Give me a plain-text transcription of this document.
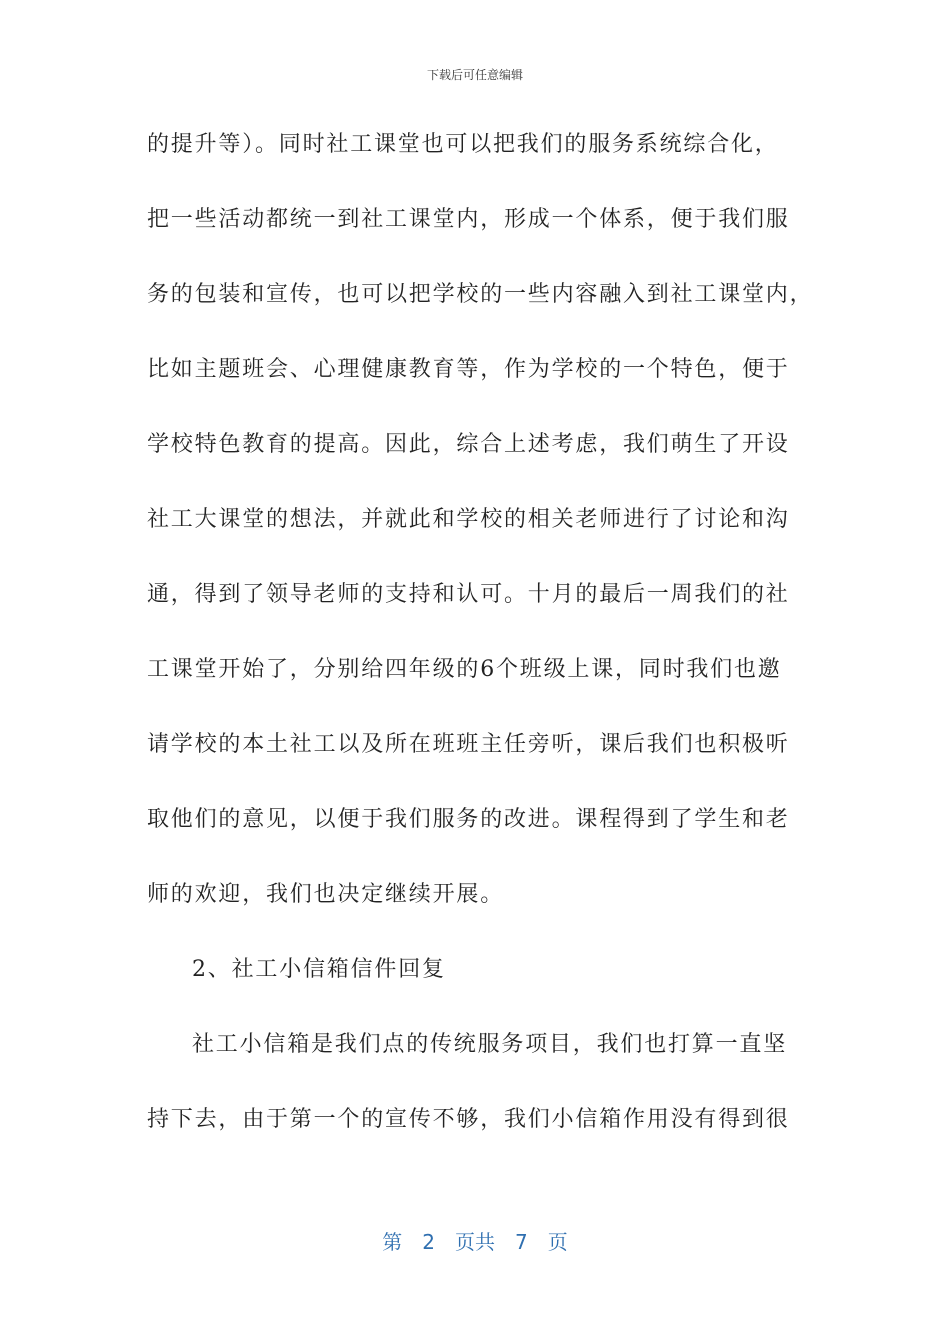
下载后可任意编辑
的提升等）。同时社工课堂也可以把我们的服务系统综合化，
把一些活动都统一到社工课堂内，形成一个体系，便于我们服
务的包装和宣传，也可以把学校的一些内容融入到社工课堂内，
比如主题班会、心理健康教育等，作为学校的一个特色，便于
学校特色教育的提高。因此，综合上述考虑，我们萌生了开设
社工大课堂的想法，并就此和学校的相关老师进行了讨论和沟
通，得到了领导老师的支持和认可。十月的最后一周我们的社
工课堂开始了，分别给四年级的6个班级上课，同时我们也邀
请学校的本土社工以及所在班班主任旁听，课后我们也积极听
取他们的意见，以便于我们服务的改进。课程得到了学生和老
师的欢迎，我们也决定继续开展。
2、社工小信箱信件回复
社工小信箱是我们点的传统服务项目，我们也打算一直坚
持下去，由于第一个的宣传不够，我们小信箱作用没有得到很
第　2　页共　7　页
